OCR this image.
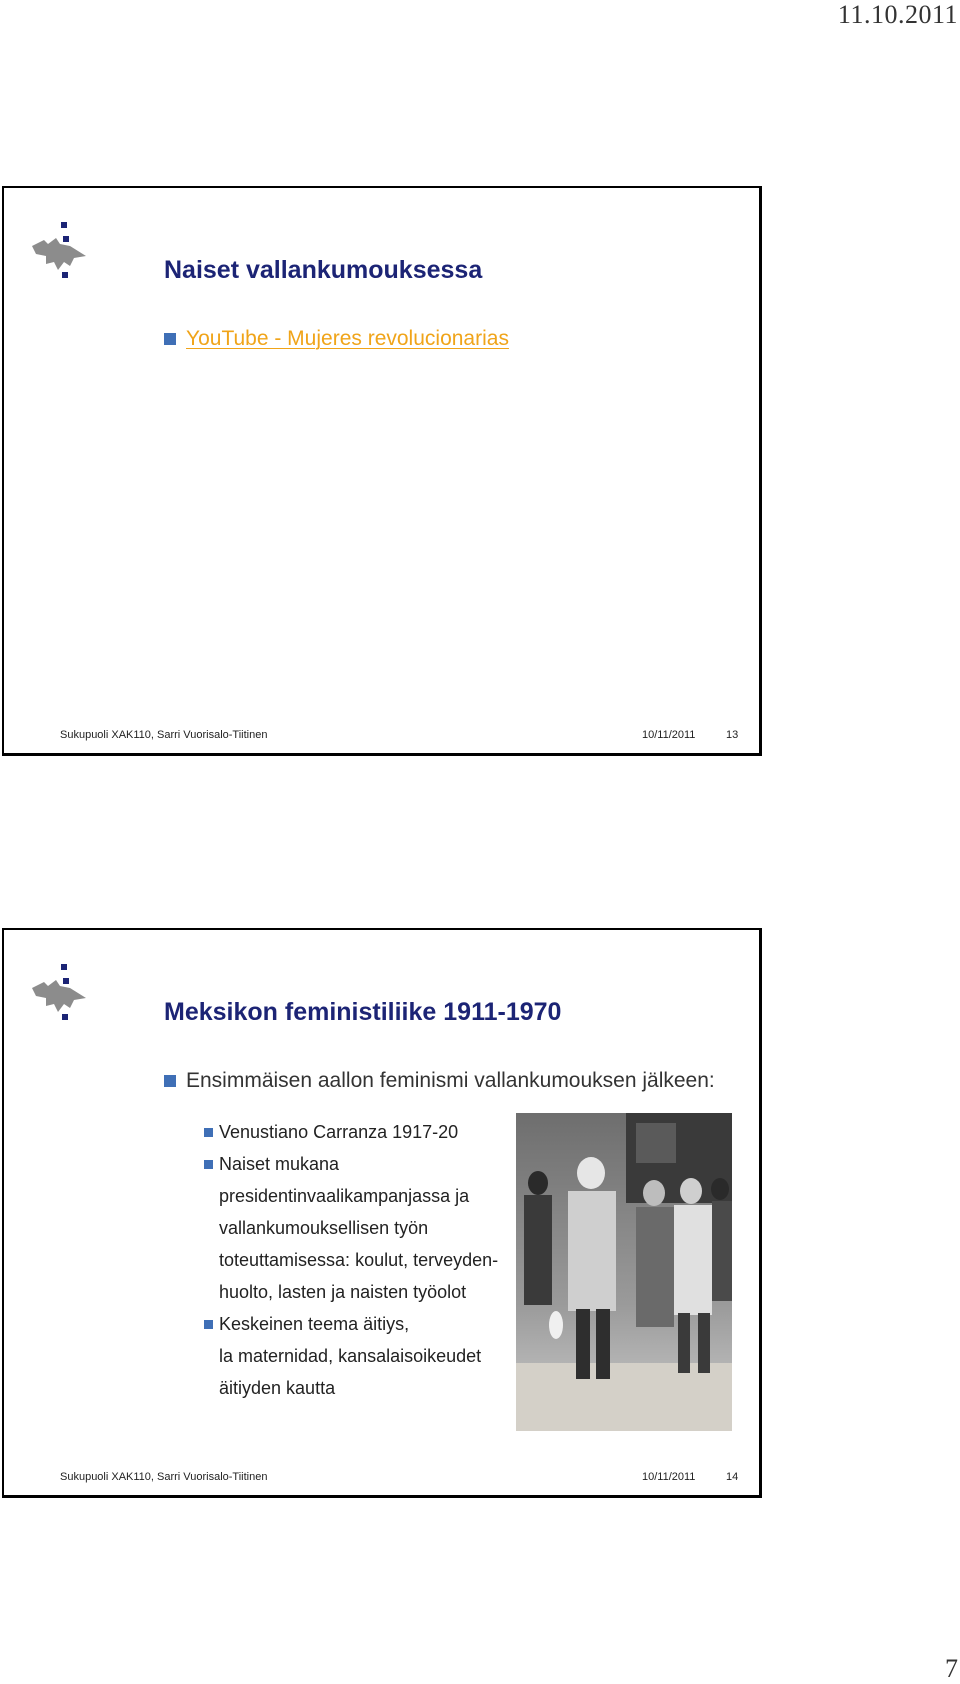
11.10.2011
Naiset vallankumouksessa
YouTube - Mujeres revolucionarias
Sukupuoli XAK110, Sarri Vuorisalo-Tiitinen	10/11/2011	13
Meksikon feministiliike 1911-1970
Ensimmäisen aallon feminismi vallankumouksen jälkeen:
Venustiano Carranza 1917-20
Naiset mukana
presidentinvaalikampanjassa ja
vallankumouksellisen työn
toteuttamisessa: koulut, terveyden-
huolto, lasten ja naisten työolot
Keskeinen teema äitiys,
la maternidad, kansalaisoikeudet
äitiyden kautta
Sukupuoli XAK110, Sarri Vuorisalo-Tiitinen	10/11/2011	14
7
